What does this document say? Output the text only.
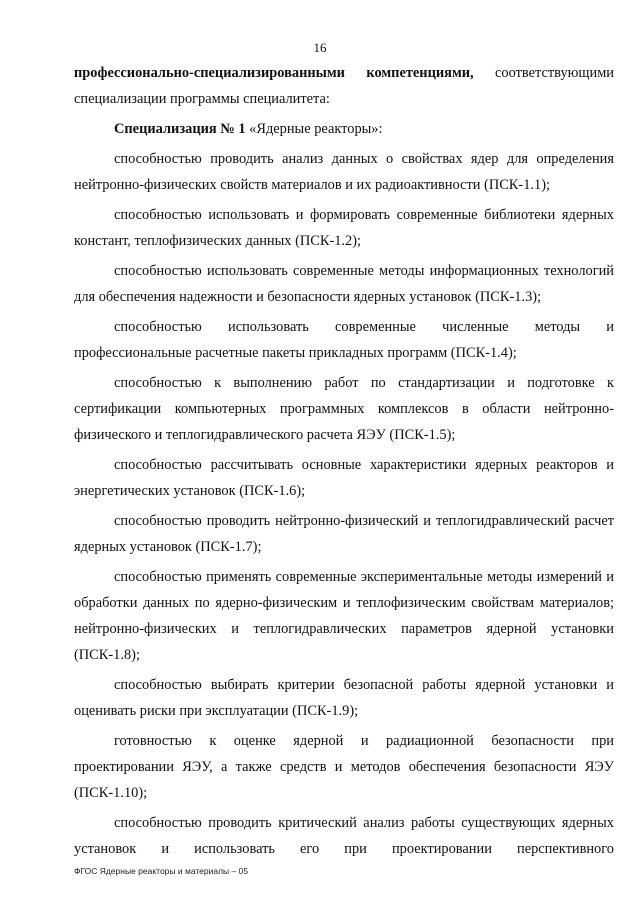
16

профессионально-специализированными компетенциями, соответствующими специализации программы специалитета:

Специализация № 1 «Ядерные реакторы»:

способностью проводить анализ данных о свойствах ядер для определения нейтронно-физических свойств материалов и их радиоактивности (ПСК-1.1);

способностью использовать и формировать современные библиотеки ядерных констант, теплофизических данных (ПСК-1.2);

способностью использовать современные методы информационных технологий для обеспечения надежности и безопасности ядерных установок (ПСК-1.3);

способностью использовать современные численные методы и профессиональные расчетные пакеты прикладных программ (ПСК-1.4);

способностью к выполнению работ по стандартизации и подготовке к сертификации компьютерных программных комплексов в области нейтронно-физического и теплогидравлического расчета ЯЭУ (ПСК-1.5);

способностью рассчитывать основные характеристики ядерных реакторов и энергетических установок (ПСК-1.6);

способностью проводить нейтронно-физический и теплогидравлический расчет ядерных установок (ПСК-1.7);

способностью применять современные экспериментальные методы измерений и обработки данных по ядерно-физическим и теплофизическим свойствам материалов; нейтронно-физических и теплогидравлических параметров ядерной установки (ПСК-1.8);

способностью выбирать критерии безопасной работы ядерной установки и оценивать риски при эксплуатации (ПСК-1.9);

готовностью к оценке ядерной и радиационной безопасности при проектировании ЯЭУ, а также средств и методов обеспечения безопасности ЯЭУ (ПСК-1.10);

способностью проводить критический анализ работы существующих ядерных установок и использовать его при проектировании перспективного

ФГОС Ядерные реакторы и материалы – 05
